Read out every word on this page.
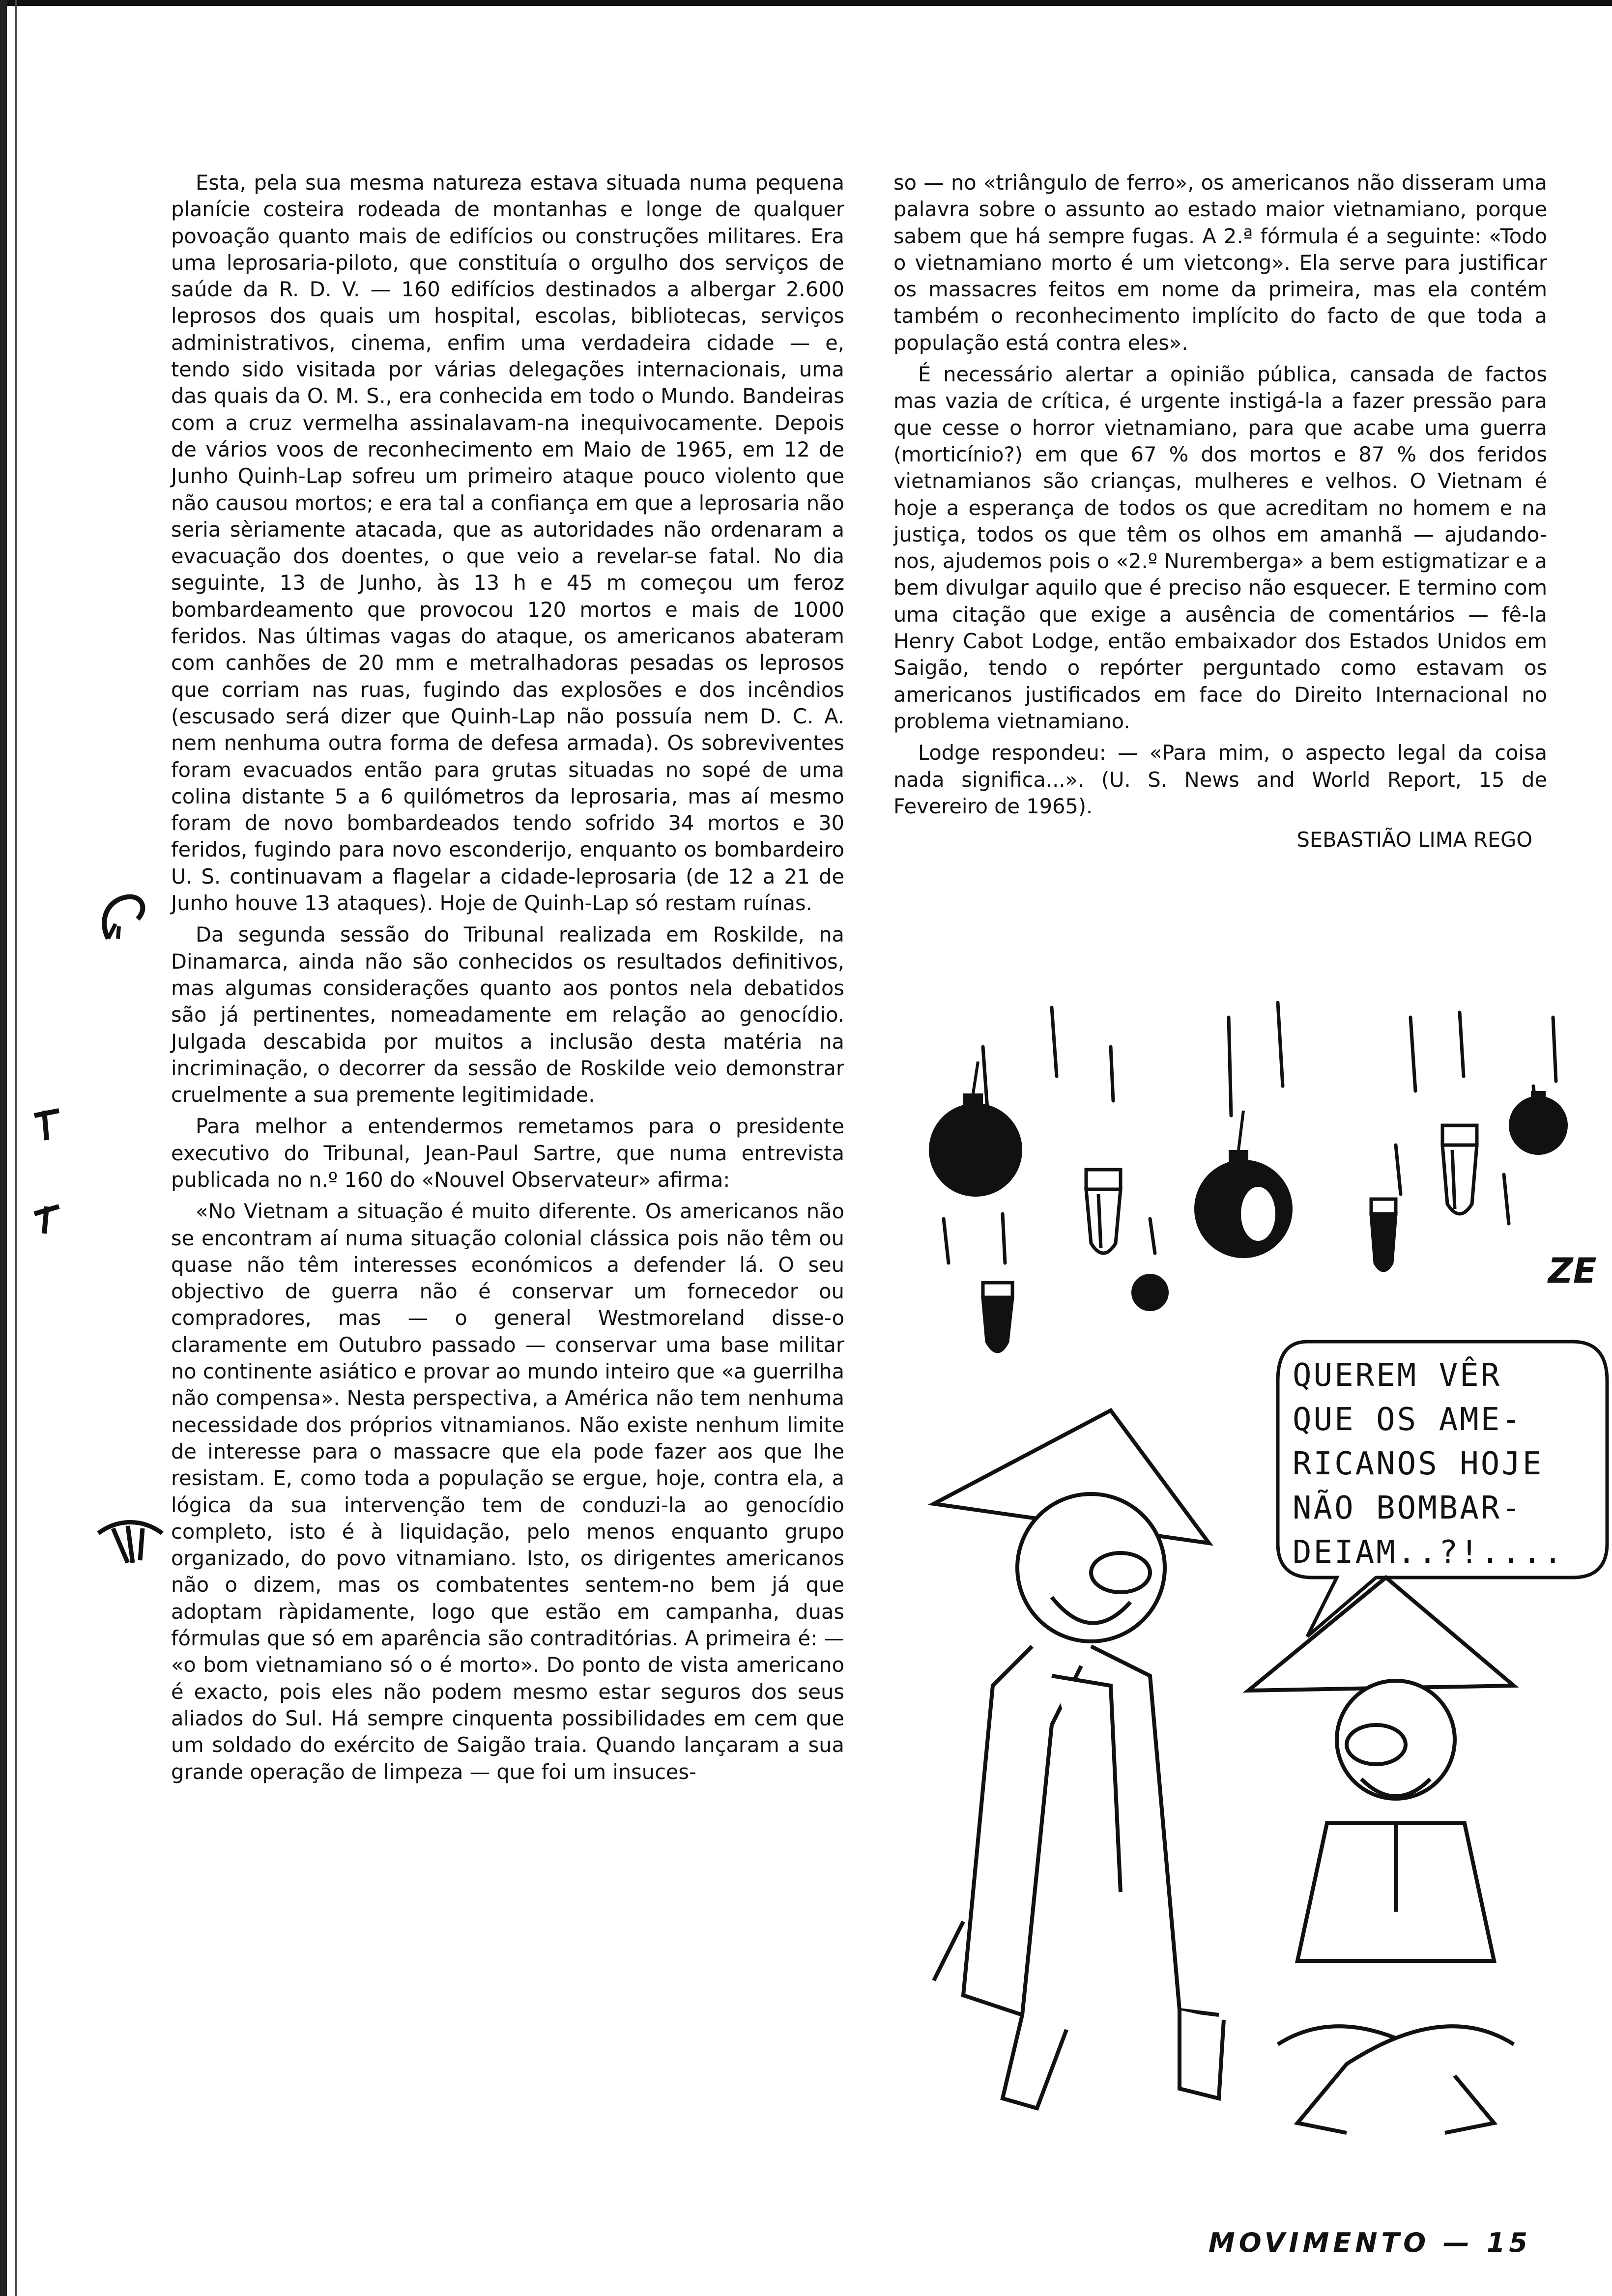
Esta, pela sua mesma natureza estava situada numa pequena planície costeira rodeada de montanhas e longe de qualquer povoação quanto mais de edifícios ou construções militares. Era uma leprosaria-piloto, que constituía o orgulho dos serviços de saúde da R. D. V. — 160 edifícios destinados a albergar 2.600 leprosos dos quais um hospital, escolas, bibliotecas, serviços administrativos, cinema, enfim uma verdadeira cidade — e, tendo sido visitada por várias delegações internacionais, uma das quais da O. M. S., era conhecida em todo o Mundo. Bandeiras com a cruz vermelha assinalavam-na inequivocamente. Depois de vários voos de reconhecimento em Maio de 1965, em 12 de Junho Quinh-Lap sofreu um primeiro ataque pouco violento que não causou mortos; e era tal a confiança em que a leprosaria não seria sèriamente atacada, que as autoridades não ordenaram a evacuação dos doentes, o que veio a revelar-se fatal. No dia seguinte, 13 de Junho, às 13 h e 45 m começou um feroz bombardeamento que provocou 120 mortos e mais de 1000 feridos. Nas últimas vagas do ataque, os americanos abateram com canhões de 20 mm e metralhadoras pesadas os leprosos que corriam nas ruas, fugindo das explosões e dos incêndios (escusado será dizer que Quinh-Lap não possuía nem D. C. A. nem nenhuma outra forma de defesa armada). Os sobreviventes foram evacuados então para grutas situadas no sopé de uma colina distante 5 a 6 quilómetros da leprosaria, mas aí mesmo foram de novo bombardeados tendo sofrido 34 mortos e 30 feridos, fugindo para novo esconderijo, enquanto os bombardeiro U. S. continuavam a flagelar a cidade-leprosaria (de 12 a 21 de Junho houve 13 ataques). Hoje de Quinh-Lap só restam ruínas.

Da segunda sessão do Tribunal realizada em Roskilde, na Dinamarca, ainda não são conhecidos os resultados definitivos, mas algumas considerações quanto aos pontos nela debatidos são já pertinentes, nomeadamente em relação ao genocídio. Julgada descabida por muitos a inclusão desta matéria na incriminação, o decorrer da sessão de Roskilde veio demonstrar cruelmente a sua premente legitimidade.

Para melhor a entendermos remetamos para o presidente executivo do Tribunal, Jean-Paul Sartre, que numa entrevista publicada no n.º 160 do «Nouvel Observateur» afirma:

«No Vietnam a situação é muito diferente. Os americanos não se encontram aí numa situação colonial clássica pois não têm ou quase não têm interesses económicos a defender lá. O seu objectivo de guerra não é conservar um fornecedor ou compradores, mas — o general Westmoreland disse-o claramente em Outubro passado — conservar uma base militar no continente asiático e provar ao mundo inteiro que «a guerrilha não compensa». Nesta perspectiva, a América não tem nenhuma necessidade dos próprios vitnamianos. Não existe nenhum limite de interesse para o massacre que ela pode fazer aos que lhe resistam. E, como toda a população se ergue, hoje, contra ela, a lógica da sua intervenção tem de conduzi-la ao genocídio completo, isto é à liquidação, pelo menos enquanto grupo organizado, do povo vitnamiano. Isto, os dirigentes americanos não o dizem, mas os combatentes sentem-no bem já que adoptam ràpidamente, logo que estão em campanha, duas fórmulas que só em aparência são contraditórias. A primeira é: — «o bom vietnamiano só o é morto». Do ponto de vista americano é exacto, pois eles não podem mesmo estar seguros dos seus aliados do Sul. Há sempre cinquenta possibilidades em cem que um soldado do exército de Saigão traia. Quando lançaram a sua grande operação de limpeza — que foi um insuces-

so — no «triângulo de ferro», os americanos não disseram uma palavra sobre o assunto ao estado maior vietnamiano, porque sabem que há sempre fugas. A 2.ª fórmula é a seguinte: «Todo o vietnamiano morto é um vietcong». Ela serve para justificar os massacres feitos em nome da primeira, mas ela contém também o reconhecimento implícito do facto de que toda a população está contra eles».

É necessário alertar a opinião pública, cansada de factos mas vazia de crítica, é urgente instigá-la a fazer pressão para que cesse o horror vietnamiano, para que acabe uma guerra (morticínio?) em que 67 % dos mortos e 87 % dos feridos vietnamianos são crianças, mulheres e velhos. O Vietnam é hoje a esperança de todos os que acreditam no homem e na justiça, todos os que têm os olhos em amanhã — ajudando-nos, ajudemos pois o «2.º Nuremberga» a bem estigmatizar e a bem divulgar aquilo que é preciso não esquecer. E termino com uma citação que exige a ausência de comentários — fê-la Henry Cabot Lodge, então embaixador dos Estados Unidos em Saigão, tendo o repórter perguntado como estavam os americanos justificados em face do Direito Internacional no problema vietnamiano.

Lodge respondeu: — «Para mim, o aspecto legal da coisa nada significa...». (U. S. News and World Report, 15 de Fevereiro de 1965).

SEBASTIÃO LIMA REGO
ZE
QUEREM VÊR
QUE OS AME-
RICANOS HOJE
NÃO BOMBAR-
DEIAM..?!....
MOVIMENTO — 15
